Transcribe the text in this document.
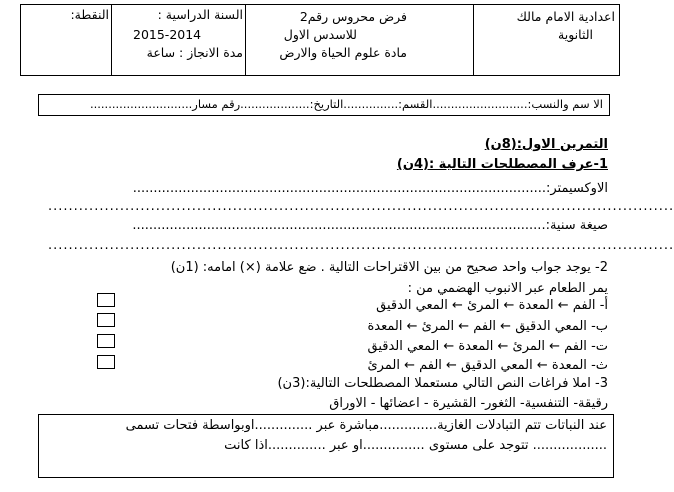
النقطة:	السنة الدراسية :
2015-2014
مدة الانجاز : ساعة
فرض محروس رقم2
للاسدس الاول
مادة علوم الحياة والارض
اعدادية الامام مالك
الثانوية
الا سم والنسب:..........................القسم:...............التاريخ:...................رقم مسار............................
التمرين الاول:(8ن)
1-عرف المصطلحات التالية :(4ن)
الاوكسيمتر:....................................................................................................
..........................................................................................................................
صيغة سنية:....................................................................................................
..........................................................................................................................
2- يوجد جواب واحد صحيح من بين الاقتراحات التالية . ضع علامة (×) امامه: (1ن)
يمر الطعام عبر الانبوب الهضمي من :
أ- الفم ← المعدة ← المرئ ← المعي الدقيق
ب- المعي الدقيق ← الفم ← المرئ ← المعدة
ت- الفم ← المرئ ← المعدة ← المعي الدقيق
ث- المعدة ← المعي الدقيق ← الفم ← المرئ
3- املا فراغات النص التالي مستعملا المصطلحات التالية:(3ن)
رقيقة- التنفسية- الثغور- القشيرة - اعضائها - الاوراق
عند النباتات تتم التبادلات الغازية..............مباشرة عبر ..............اوبواسطة فتحات تسمى
.................. تتوجد على مستوى ...............او عبر ..............اذا كانت
